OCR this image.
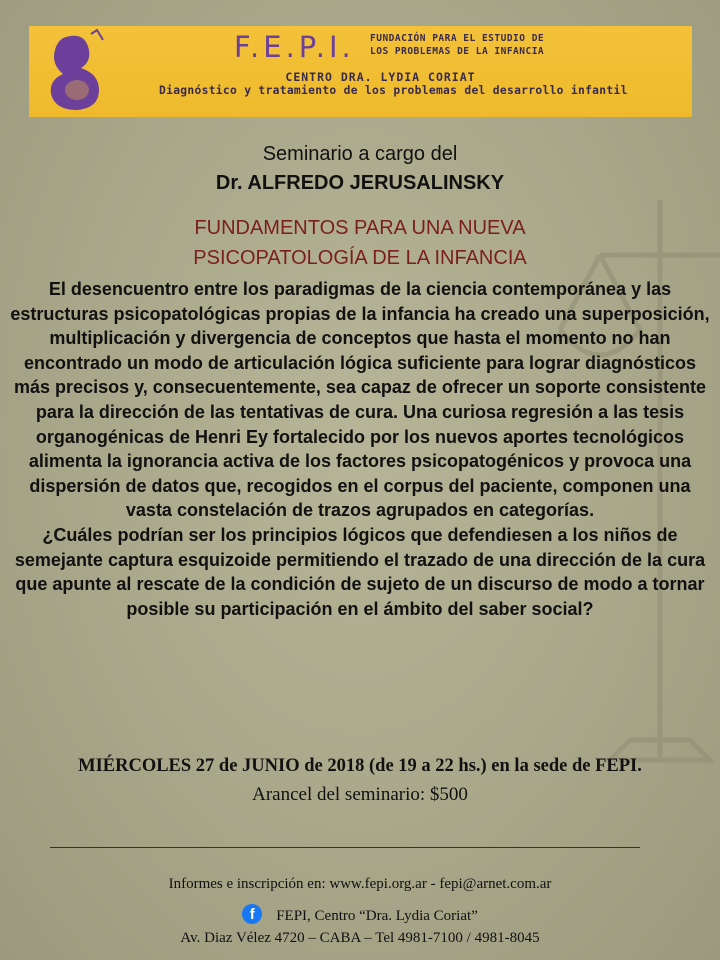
F.E.P.I. FUNDACIÓN PARA EL ESTUDIO DE
LOS PROBLEMAS DE LA INFANCIA
CENTRO DRA. LYDIA CORIAT
Diagnóstico y tratamiento de los problemas del desarrollo infantil
Seminario a cargo del
Dr. ALFREDO JERUSALINSKY
FUNDAMENTOS PARA UNA NUEVA
PSICOPATOLOGÍA DE LA INFANCIA

El desencuentro entre los paradigmas de la ciencia contemporánea y las estructuras psicopatológicas propias de la infancia ha creado una superposición, multiplicación y divergencia de conceptos que hasta el momento no han encontrado un modo de articulación lógica suficiente para lograr diagnósticos más precisos y, consecuentemente, sea capaz de ofrecer un soporte consistente para la dirección de las tentativas de cura. Una curiosa regresión a las tesis organogénicas de Henri Ey fortalecido por los nuevos aportes tecnológicos alimenta la ignorancia activa de los factores psicopatogénicos y provoca una dispersión de datos que, recogidos en el corpus del paciente, componen una vasta constelación de trazos agrupados en categorías.

¿Cuáles podrían ser los principios lógicos que defendiesen a los niños de semejante captura esquizoide permitiendo el trazado de una dirección de la cura que apunte al rescate de la condición de sujeto de un discurso de modo a tornar posible su participación en el ámbito del saber social?

MIÉRCOLES 27 de JUNIO de 2018 (de 19 a 22 hs.) en la sede de FEPI.
Arancel del seminario: $500
Informes e inscripción en: www.fepi.org.ar - fepi@arnet.com.ar
f FEPI, Centro “Dra. Lydia Coriat”
Av. Diaz Vélez 4720 – CABA – Tel 4981-7100 / 4981-8045
